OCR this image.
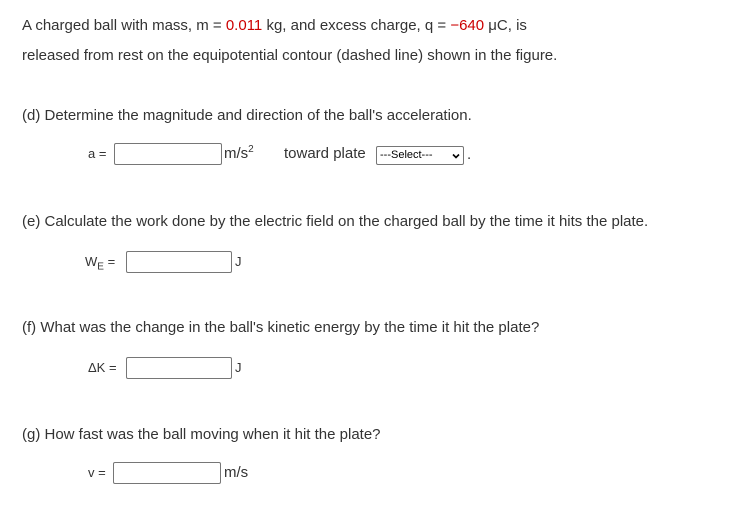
A charged ball with mass, m = 0.011 kg, and excess charge, q = −640 μC, is
released from rest on the equipotential contour (dashed line) shown in the figure.
(d) Determine the magnitude and direction of the ball's acceleration.
a =	$m/s^2$ toward plate ---Select--- .
(e) Calculate the work done by the electric field on the charged ball by the time it hits the plate.
$W_E$ =	J
(f) What was the change in the ball's kinetic energy by the time it hit the plate?
ΔK =	J
(g) How fast was the ball moving when it hit the plate?
v =	m/s
